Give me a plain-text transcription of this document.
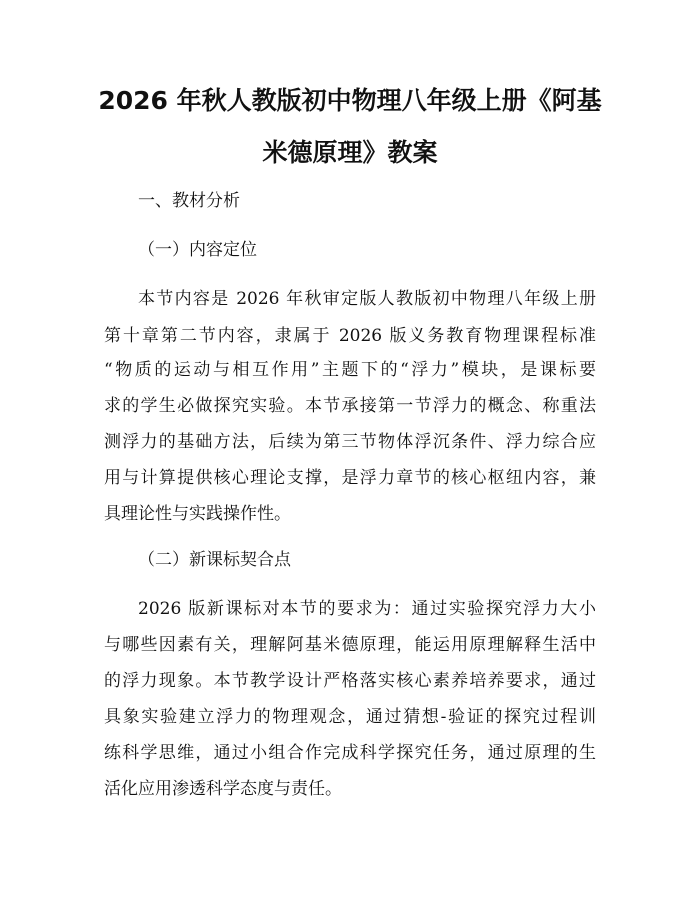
2026 年秋人教版初中物理八年级上册《阿基
米德原理》教案
一、教材分析
（一）内容定位
本节内容是 2026 年秋审定版人教版初中物理八年级上册
第十章第二节内容，隶属于 2026 版义务教育物理课程标准
“物质的运动与相互作用”主题下的“浮力”模块，是课标要
求的学生必做探究实验。本节承接第一节浮力的概念、称重法
测浮力的基础方法，后续为第三节物体浮沉条件、浮力综合应
用与计算提供核心理论支撑，是浮力章节的核心枢纽内容，兼
具理论性与实践操作性。
（二）新课标契合点
2026 版新课标对本节的要求为：通过实验探究浮力大小
与哪些因素有关，理解阿基米德原理，能运用原理解释生活中
的浮力现象。本节教学设计严格落实核心素养培养要求，通过
具象实验建立浮力的物理观念，通过猜想-验证的探究过程训
练科学思维，通过小组合作完成科学探究任务，通过原理的生
活化应用渗透科学态度与责任。
